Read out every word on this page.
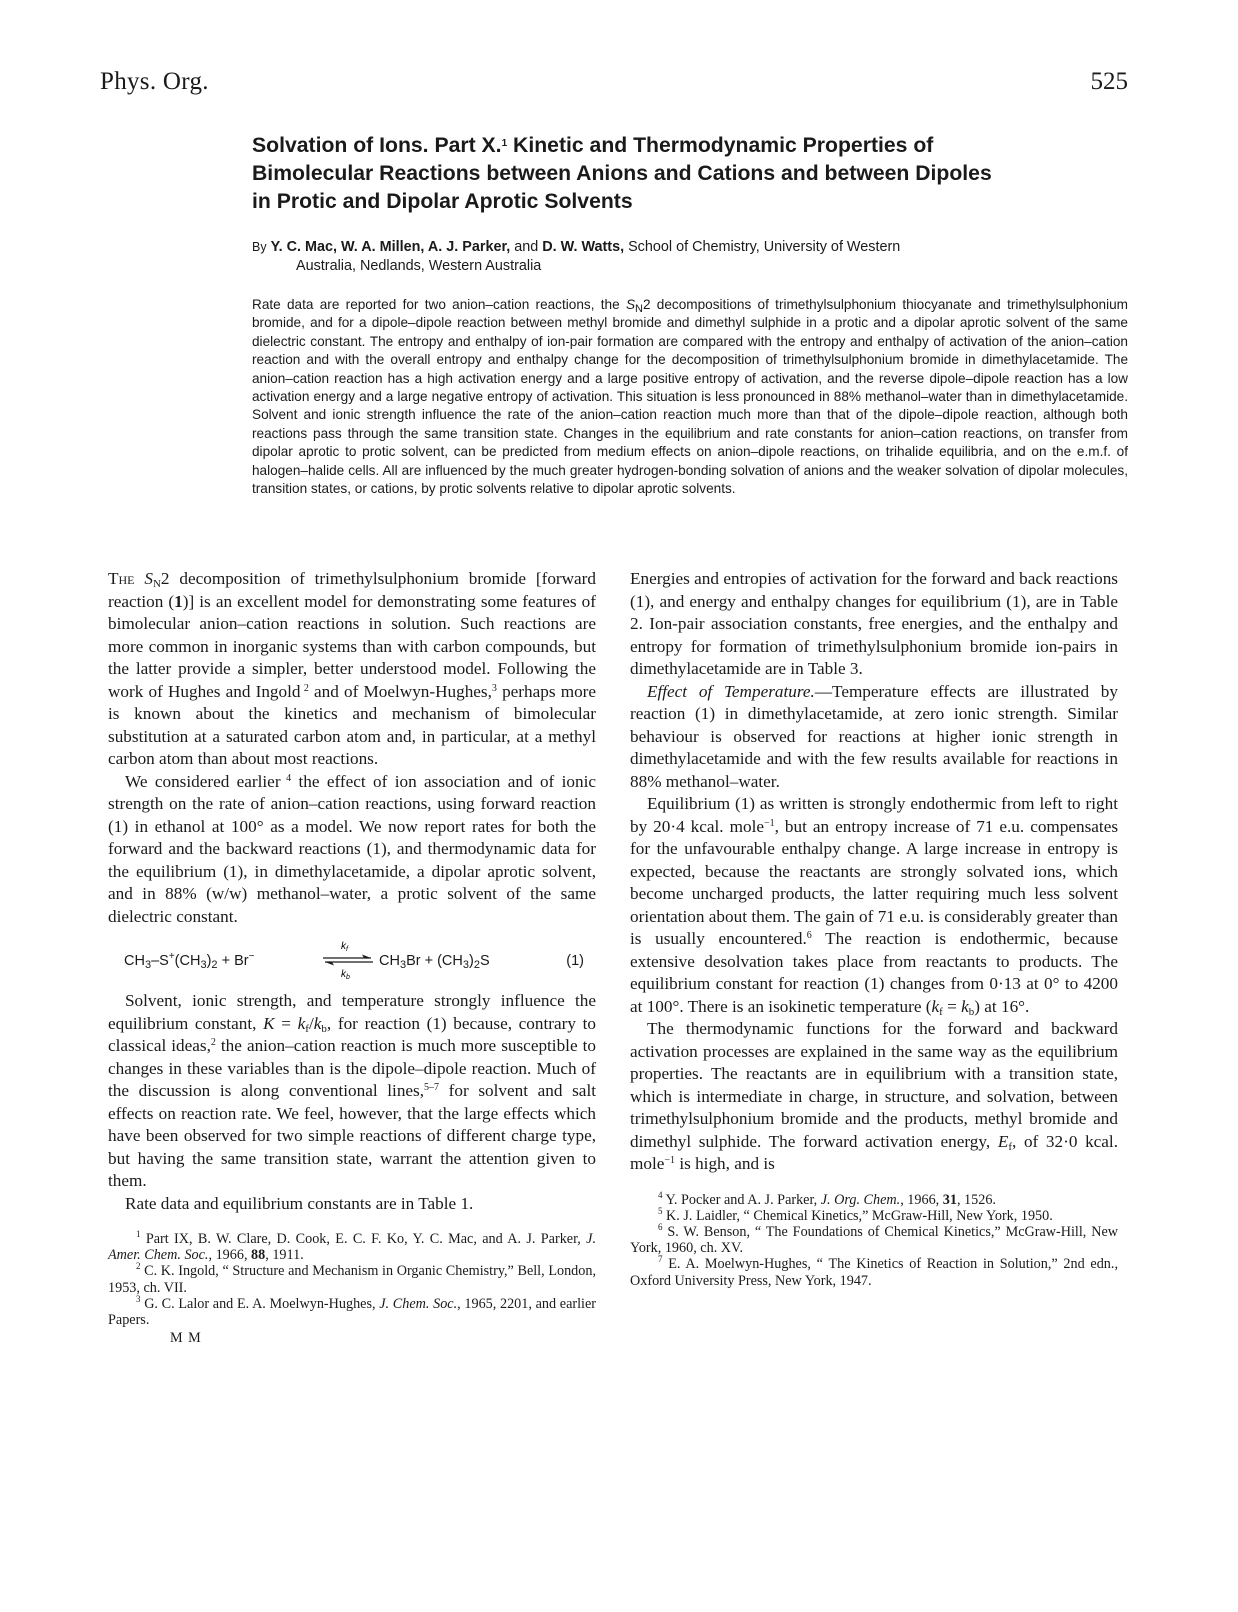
Phys. Org.	525
Solvation of Ions. Part X.$^1$ Kinetic and Thermodynamic Properties of
Bimolecular Reactions between Anions and Cations and between Dipoles
in Protic and Dipolar Aprotic Solvents
By Y. C. Mac, W. A. Millen, A. J. Parker, and D. W. Watts, School of Chemistry, University of Western
Australia, Nedlands, Western Australia
Rate data are reported for two anion–cation reactions, the $S_N2$ decompositions of trimethylsulphonium thiocyanate and trimethylsulphonium bromide, and for a dipole–dipole reaction between methyl bromide and dimethyl sulphide in a protic and a dipolar aprotic solvent of the same dielectric constant. The entropy and enthalpy of ion-pair formation are compared with the entropy and enthalpy of activation of the anion–cation reaction and with the overall entropy and enthalpy change for the decomposition of trimethylsulphonium bromide in dimethylacetamide. The anion–cation reaction has a high activation energy and a large positive entropy of activation, and the reverse dipole–dipole reaction has a low activation energy and a large negative entropy of activation. This situation is less pronounced in 88% methanol–water than in dimethylacetamide. Solvent and ionic strength influence the rate of the anion–cation reaction much more than that of the dipole–dipole reaction, although both reactions pass through the same transition state. Changes in the equilibrium and rate constants for anion–cation reactions, on transfer from dipolar aprotic to protic solvent, can be predicted from medium effects on anion–dipole reactions, on trihalide equilibria, and on the e.m.f. of halogen–halide cells. All are influenced by the much greater hydrogen-bonding solvation of anions and the weaker solvation of dipolar molecules, transition states, or cations, by protic solvents relative to dipolar aprotic solvents.

The $S_N2$ decomposition of trimethylsulphonium bromide [forward reaction (1)] is an excellent model for demonstrating some features of bimolecular anion–cation reactions in solution. Such reactions are more common in inorganic systems than with carbon compounds, but the latter provide a simpler, better understood model. Following the work of Hughes and Ingold $^2$ and of Moelwyn-Hughes,$^3$ perhaps more is known about the kinetics and mechanism of bimolecular substitution at a saturated carbon atom and, in particular, at a methyl carbon atom than about most reactions.

We considered earlier $^4$ the effect of ion association and of ionic strength on the rate of anion–cation reactions, using forward reaction (1) in ethanol at 100° as a model. We now report rates for both the forward and the backward reactions (1), and thermodynamic data for the equilibrium (1), in dimethylacetamide, a dipolar aprotic solvent, and in 88% (w/w) methanol–water, a protic solvent of the same dielectric constant.

$CH_3-S^+(CH_3)_2 + Br^-$
$k_f$
$k_b$
$CH_3Br + (CH_3)_2S$	(1)

Solvent, ionic strength, and temperature strongly influence the equilibrium constant, $K = k_f/k_b$, for reaction (1) because, contrary to classical ideas,$^2$ the anion–cation reaction is much more susceptible to changes in these variables than is the dipole–dipole reaction. Much of the discussion is along conventional lines,$^{5-7}$ for solvent and salt effects on reaction rate. We feel, however, that the large effects which have been observed for two simple reactions of different charge type, but having the same transition state, warrant the attention given to them.

Rate data and equilibrium constants are in Table 1.

$^1$ Part IX, B. W. Clare, D. Cook, E. C. F. Ko, Y. C. Mac, and A. J. Parker, J. Amer. Chem. Soc., 1966, 88, 1911.

$^2$ C. K. Ingold, “ Structure and Mechanism in Organic Chemistry,” Bell, London, 1953, ch. VII.

$^3$ G. C. Lalor and E. A. Moelwyn-Hughes, J. Chem. Soc., 1965, 2201, and earlier Papers.

M M

Energies and entropies of activation for the forward and back reactions (1), and energy and enthalpy changes for equilibrium (1), are in Table 2. Ion-pair association constants, free energies, and the enthalpy and entropy for formation of trimethylsulphonium bromide ion-pairs in dimethylacetamide are in Table 3.

Effect of Temperature.—Temperature effects are illustrated by reaction (1) in dimethylacetamide, at zero ionic strength. Similar behaviour is observed for reactions at higher ionic strength in dimethylacetamide and with the few results available for reactions in 88% methanol–water.

Equilibrium (1) as written is strongly endothermic from left to right by 20·4 kcal. mole$^{-1}$, but an entropy increase of 71 e.u. compensates for the unfavourable enthalpy change. A large increase in entropy is expected, because the reactants are strongly solvated ions, which become uncharged products, the latter requiring much less solvent orientation about them. The gain of 71 e.u. is considerably greater than is usually encountered.$^6$ The reaction is endothermic, because extensive desolvation takes place from reactants to products. The equilibrium constant for reaction (1) changes from 0·13 at 0° to 4200 at 100°. There is an isokinetic temperature $(k_f = k_b)$ at 16°.

The thermodynamic functions for the forward and backward activation processes are explained in the same way as the equilibrium properties. The reactants are in equilibrium with a transition state, which is intermediate in charge, in structure, and solvation, between trimethylsulphonium bromide and the products, methyl bromide and dimethyl sulphide. The forward activation energy, $E_f$, of 32·0 kcal. mole$^{-1}$ is high, and is

$^4$ Y. Pocker and A. J. Parker, J. Org. Chem., 1966, 31, 1526.

$^5$ K. J. Laidler, “ Chemical Kinetics,” McGraw-Hill, New York, 1950.

$^6$ S. W. Benson, “ The Foundations of Chemical Kinetics,” McGraw-Hill, New York, 1960, ch. XV.

$^7$ E. A. Moelwyn-Hughes, “ The Kinetics of Reaction in Solution,” 2nd edn., Oxford University Press, New York, 1947.
